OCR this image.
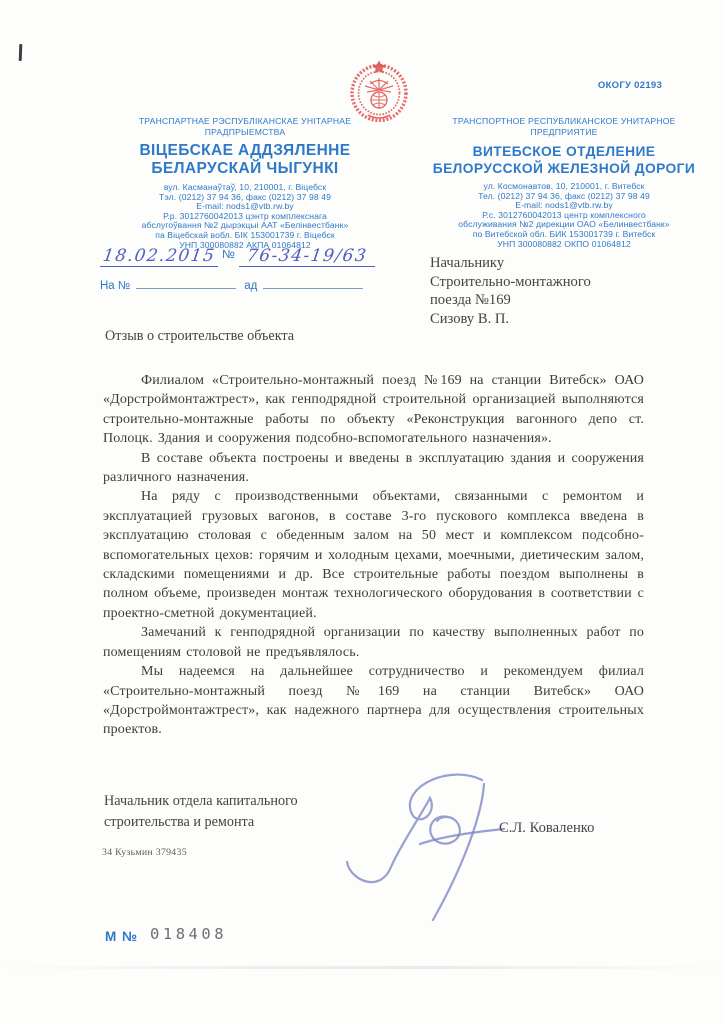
ОКОГУ 02193
ТРАНСПАРТНАЕ РЭСПУБЛІКАНСКАЕ УНІТАРНАЕ
ПРАДПРЫЕМСТВА
ВІЦЕБСКАЕ АДДЗЯЛЕННЕ
БЕЛАРУСКАЙ ЧЫГУНКІ
вул. Касманаўтаў, 10, 210001, г. Віцебск
Тэл. (0212) 37 94 36, факс (0212) 37 98 49
E-mail: nods1@vtb.rw.by
Р.р. 3012760042013 цэнтр комплекснага
абслугоўвання №2 дырэкцыі ААТ «Белінвестбанк»
па Віцебскай вобл. БІК 153001739 г. Віцебск
УНП 300080882 АКПА 01064812
ТРАНСПОРТНОЕ РЕСПУБЛИКАНСКОЕ УНИТАРНОЕ
ПРЕДПРИЯТИЕ
ВИТЕБСКОЕ ОТДЕЛЕНИЕ
БЕЛОРУССКОЙ ЖЕЛЕЗНОЙ ДОРОГИ
ул. Космонавтов, 10, 210001, г. Витебск
Тел. (0212) 37 94 36, факс (0212) 37 98 49
E-mail: nods1@vtb.rw.by
Р.с. 3012760042013 центр комплексного
обслуживания №2 дирекции ОАО «Белинвестбанк»
по Витебской обл. БИК 153001739 г. Витебск
УНП 300080882 ОКПО 01064812
18.02.2015 № 76-34-19/63
На №	ад
Начальнику
Строительно-монтажного
поезда №169
Сизову В. П.
Отзыв о строительстве объекта

Филиалом «Строительно-монтажный поезд №169 на станции Витебск» ОАО «Дорстроймонтажтрест», как генподрядной строительной организацией выполняются строительно-монтажные работы по объекту «Реконструкция вагонного депо ст. Полоцк. Здания и сооружения подсобно-вспомогательного назначения».

В составе объекта построены и введены в эксплуатацию здания и сооружения различного назначения.

На ряду с производственными объектами, связанными с ремонтом и эксплуатацией грузовых вагонов, в составе 3-го пускового комплекса введена в эксплуатацию столовая с обеденным залом на 50 мест и комплексом подсобно-вспомогательных цехов: горячим и холодным цехами, моечными, диетическим залом, складскими помещениями и др. Все строительные работы поездом выполнены в полном объеме, произведен монтаж технологического оборудования в соответствии с проектно-сметной документацией.

Замечаний к генподрядной организации по качеству выполненных работ по помещениям столовой не предъявлялось.

Мы надеемся на дальнейшее сотрудничество и рекомендуем филиал «Строительно-монтажный поезд №169 на станции Витебск» ОАО «Дорстроймонтажтрест», как надежного партнера для осуществления строительных проектов.

Начальник отдела капитального
строительства и ремонта	С.Л. Коваленко
34 Кузьмин 379435
М № 018408
